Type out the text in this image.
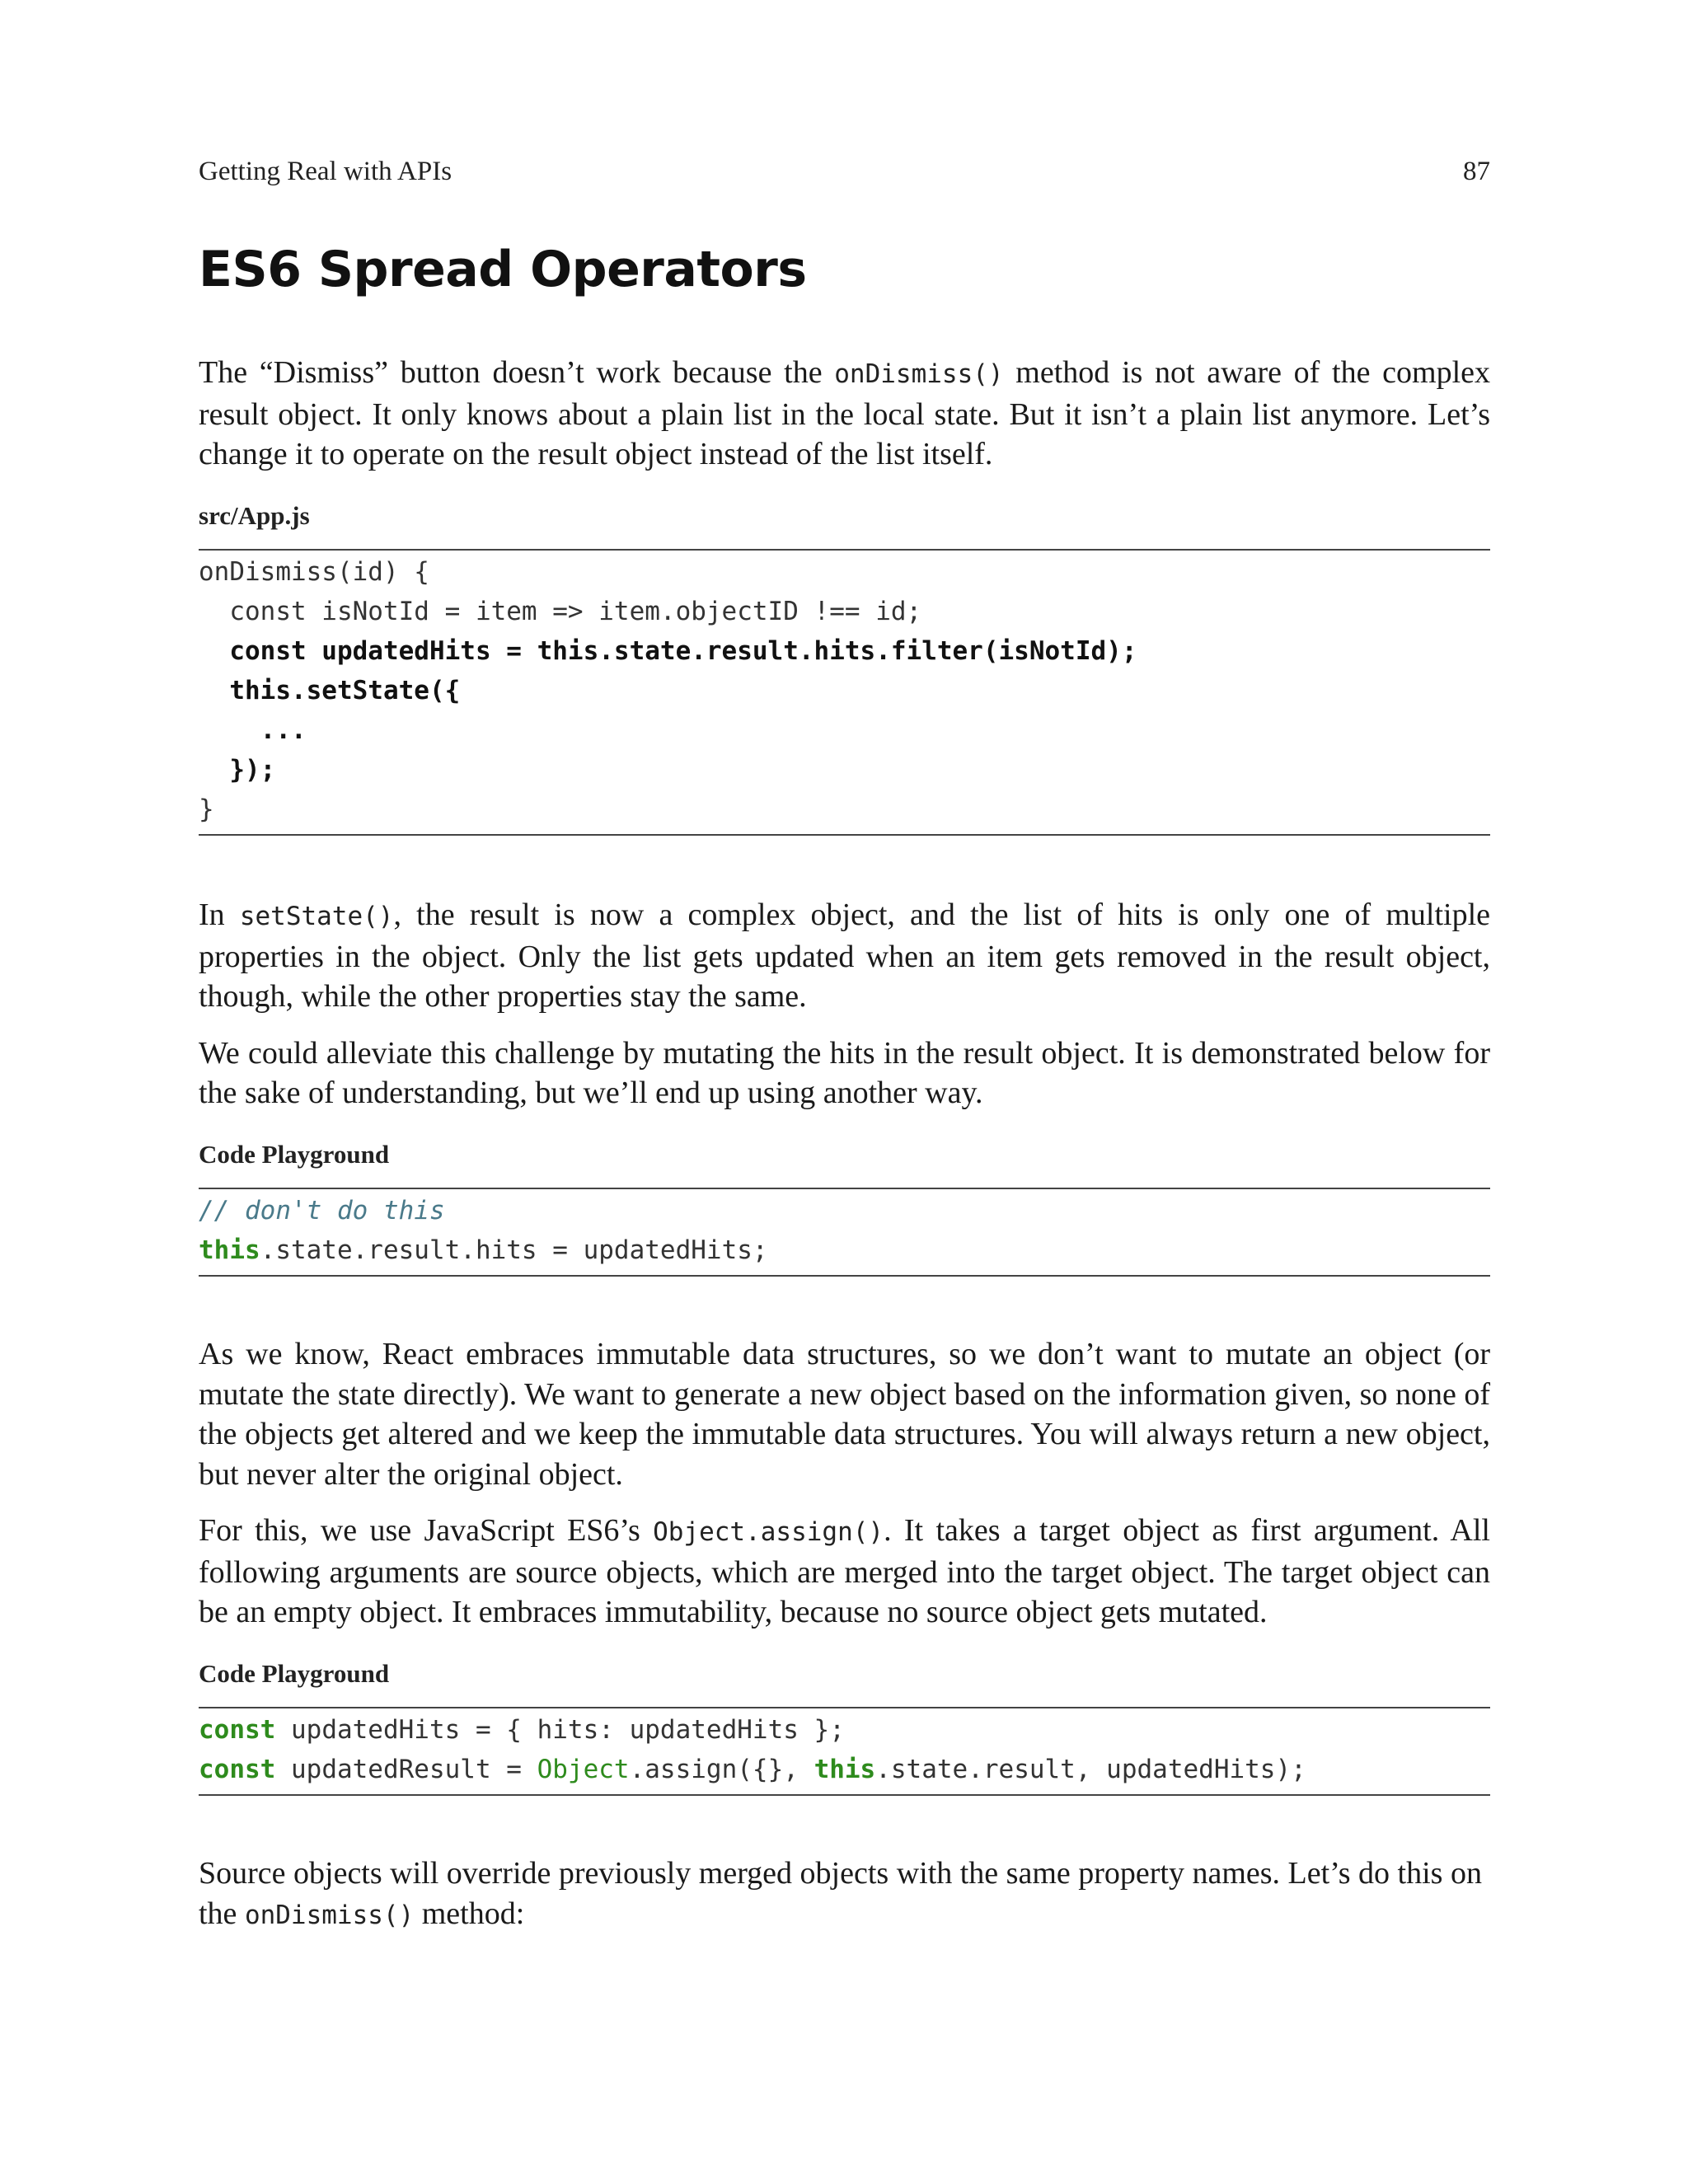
Getting Real with APIs	87
ES6 Spread Operators

The “Dismiss” button doesn’t work because the onDismiss() method is not aware of the complex result object. It only knows about a plain list in the local state. But it isn’t a plain list anymore. Let’s change it to operate on the result object instead of the list itself.

src/App.js
onDismiss(id) {
const isNotId = item => item.objectID !== id;
const updatedHits = this.state.result.hits.filter(isNotId);
this.setState({
...
});
}

In setState(), the result is now a complex object, and the list of hits is only one of multiple properties in the object. Only the list gets updated when an item gets removed in the result object, though, while the other properties stay the same.

We could alleviate this challenge by mutating the hits in the result object. It is demonstrated below for the sake of understanding, but we’ll end up using another way.

Code Playground
// don't do this
this.state.result.hits = updatedHits;

As we know, React embraces immutable data structures, so we don’t want to mutate an object (or mutate the state directly). We want to generate a new object based on the information given, so none of the objects get altered and we keep the immutable data structures. You will always return a new object, but never alter the original object.

For this, we use JavaScript ES6’s Object.assign(). It takes a target object as first argument. All following arguments are source objects, which are merged into the target object. The target object can be an empty object. It embraces immutability, because no source object gets mutated.

Code Playground
const updatedHits = { hits: updatedHits };
const updatedResult = Object.assign({}, this.state.result, updatedHits);

Source objects will override previously merged objects with the same property names. Let’s do this on the onDismiss() method:
